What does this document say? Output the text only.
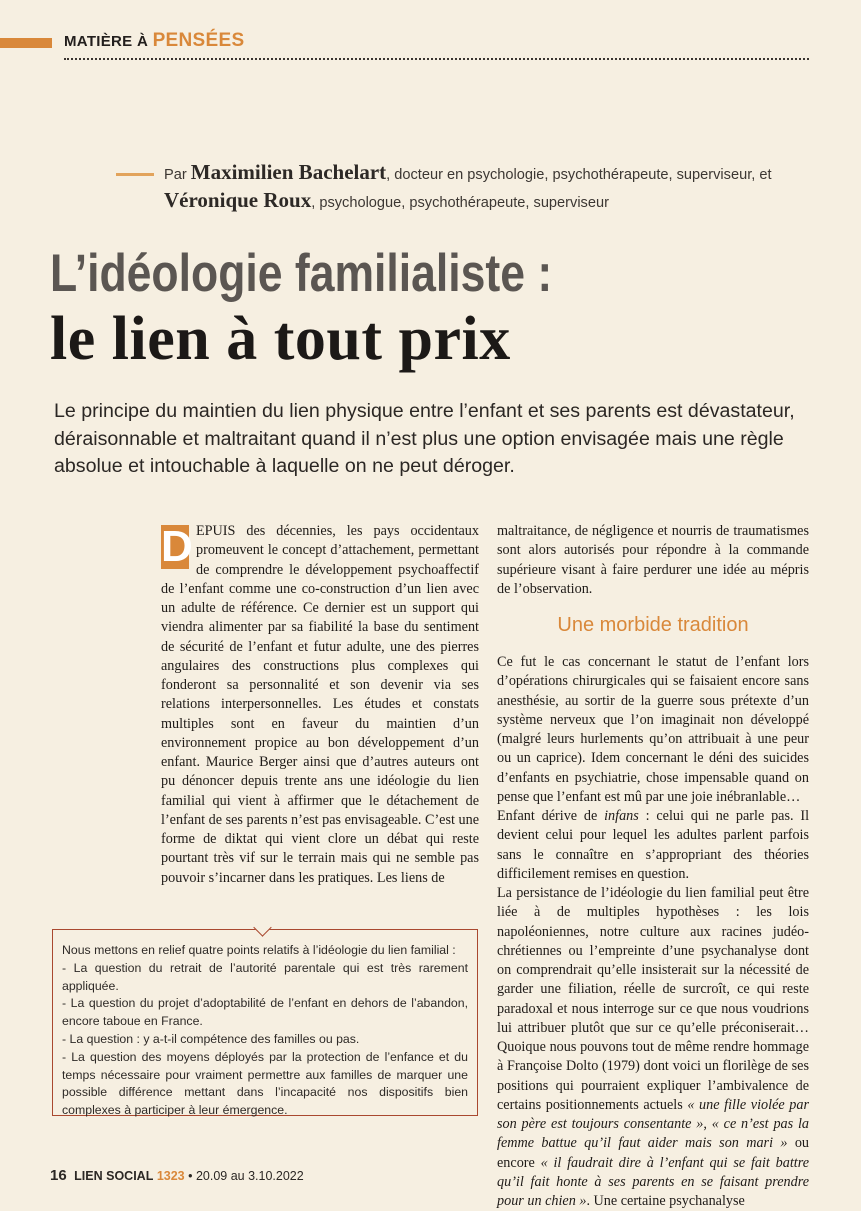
MATIÈRE À PENSÉES
Par Maximilien Bachelart, docteur en psychologie, psychothérapeute, superviseur, et Véronique Roux, psychologue, psychothérapeute, superviseur
L’idéologie familialiste :
le lien à tout prix
Le principe du maintien du lien physique entre l’enfant et ses parents est dévastateur, déraisonnable et maltraitant quand il n’est plus une option envisagée mais une règle absolue et intouchable à laquelle on ne peut déroger.

D EPUIS des décennies, les pays occidentaux promeuvent le concept d’attachement, permettant de comprendre le développement psychoaffectif de l’enfant comme une co-construction d’un lien avec un adulte de référence. Ce dernier est un support qui viendra alimenter par sa fiabilité la base du sentiment de sécurité de l’enfant et futur adulte, une des pierres angulaires des constructions plus complexes qui fonderont sa personnalité et son devenir via ses relations interpersonnelles. Les études et constats multiples sont en faveur du maintien d’un environnement propice au bon développement d’un enfant. Maurice Berger ainsi que d’autres auteurs ont pu dénoncer depuis trente ans une idéologie du lien familial qui vient à affirmer que le détachement de l’enfant de ses parents n’est pas envisageable. C’est une forme de diktat qui vient clore un débat qui reste pourtant très vif sur le terrain mais qui ne semble pas pouvoir s’incarner dans les pratiques. Les liens de

maltraitance, de négligence et nourris de traumatismes sont alors autorisés pour répondre à la commande supérieure visant à faire perdurer une idée au mépris de l’observation.

Une morbide tradition

Ce fut le cas concernant le statut de l’enfant lors d’opérations chirurgicales qui se faisaient encore sans anesthésie, au sortir de la guerre sous prétexte d’un système nerveux que l’on imaginait non développé (malgré leurs hurlements qu’on attribuait à une peur ou un caprice). Idem concernant le déni des suicides d’enfants en psychiatrie, chose impensable quand on pense que l’enfant est mû par une joie inébranlable…

Enfant dérive de infans : celui qui ne parle pas. Il devient celui pour lequel les adultes parlent parfois sans le connaître en s’appropriant des théories difficilement remises en question.

La persistance de l’idéologie du lien familial peut être liée à de multiples hypothèses : les lois napoléoniennes, notre culture aux racines judéo-chrétiennes ou l’empreinte d’une psychanalyse dont on comprendrait qu’elle insisterait sur la nécessité de garder une filiation, réelle de surcroît, ce qui reste paradoxal et nous interroge sur ce que nous voudrions lui attribuer plutôt que sur ce qu’elle préconiserait… Quoique nous pouvons tout de même rendre hommage à Françoise Dolto (1979) dont voici un florilège de ses positions qui pourraient expliquer l’ambivalence de certains positionnements actuels « une fille violée par son père est toujours consentante », « ce n’est pas la femme battue qu’il faut aider mais son mari » ou encore « il faudrait dire à l’enfant qui se fait battre qu’il fait honte à ses parents en se faisant prendre pour un chien ». Une certaine psychanalyse

Nous mettons en relief quatre points relatifs à l’idéologie du lien familial :
- La question du retrait de l’autorité parentale qui est très rarement appliquée.
- La question du projet d’adoptabilité de l’enfant en dehors de l’abandon, encore taboue en France.
- La question : y a-t-il compétence des familles ou pas.
- La question des moyens déployés par la protection de l’enfance et du temps nécessaire pour vraiment permettre aux familles de marquer une possible différence mettant dans l’incapacité nos dispositifs bien complexes à participer à leur émergence.
16 LIEN SOCIAL 1323 • 20.09 au 3.10.2022
